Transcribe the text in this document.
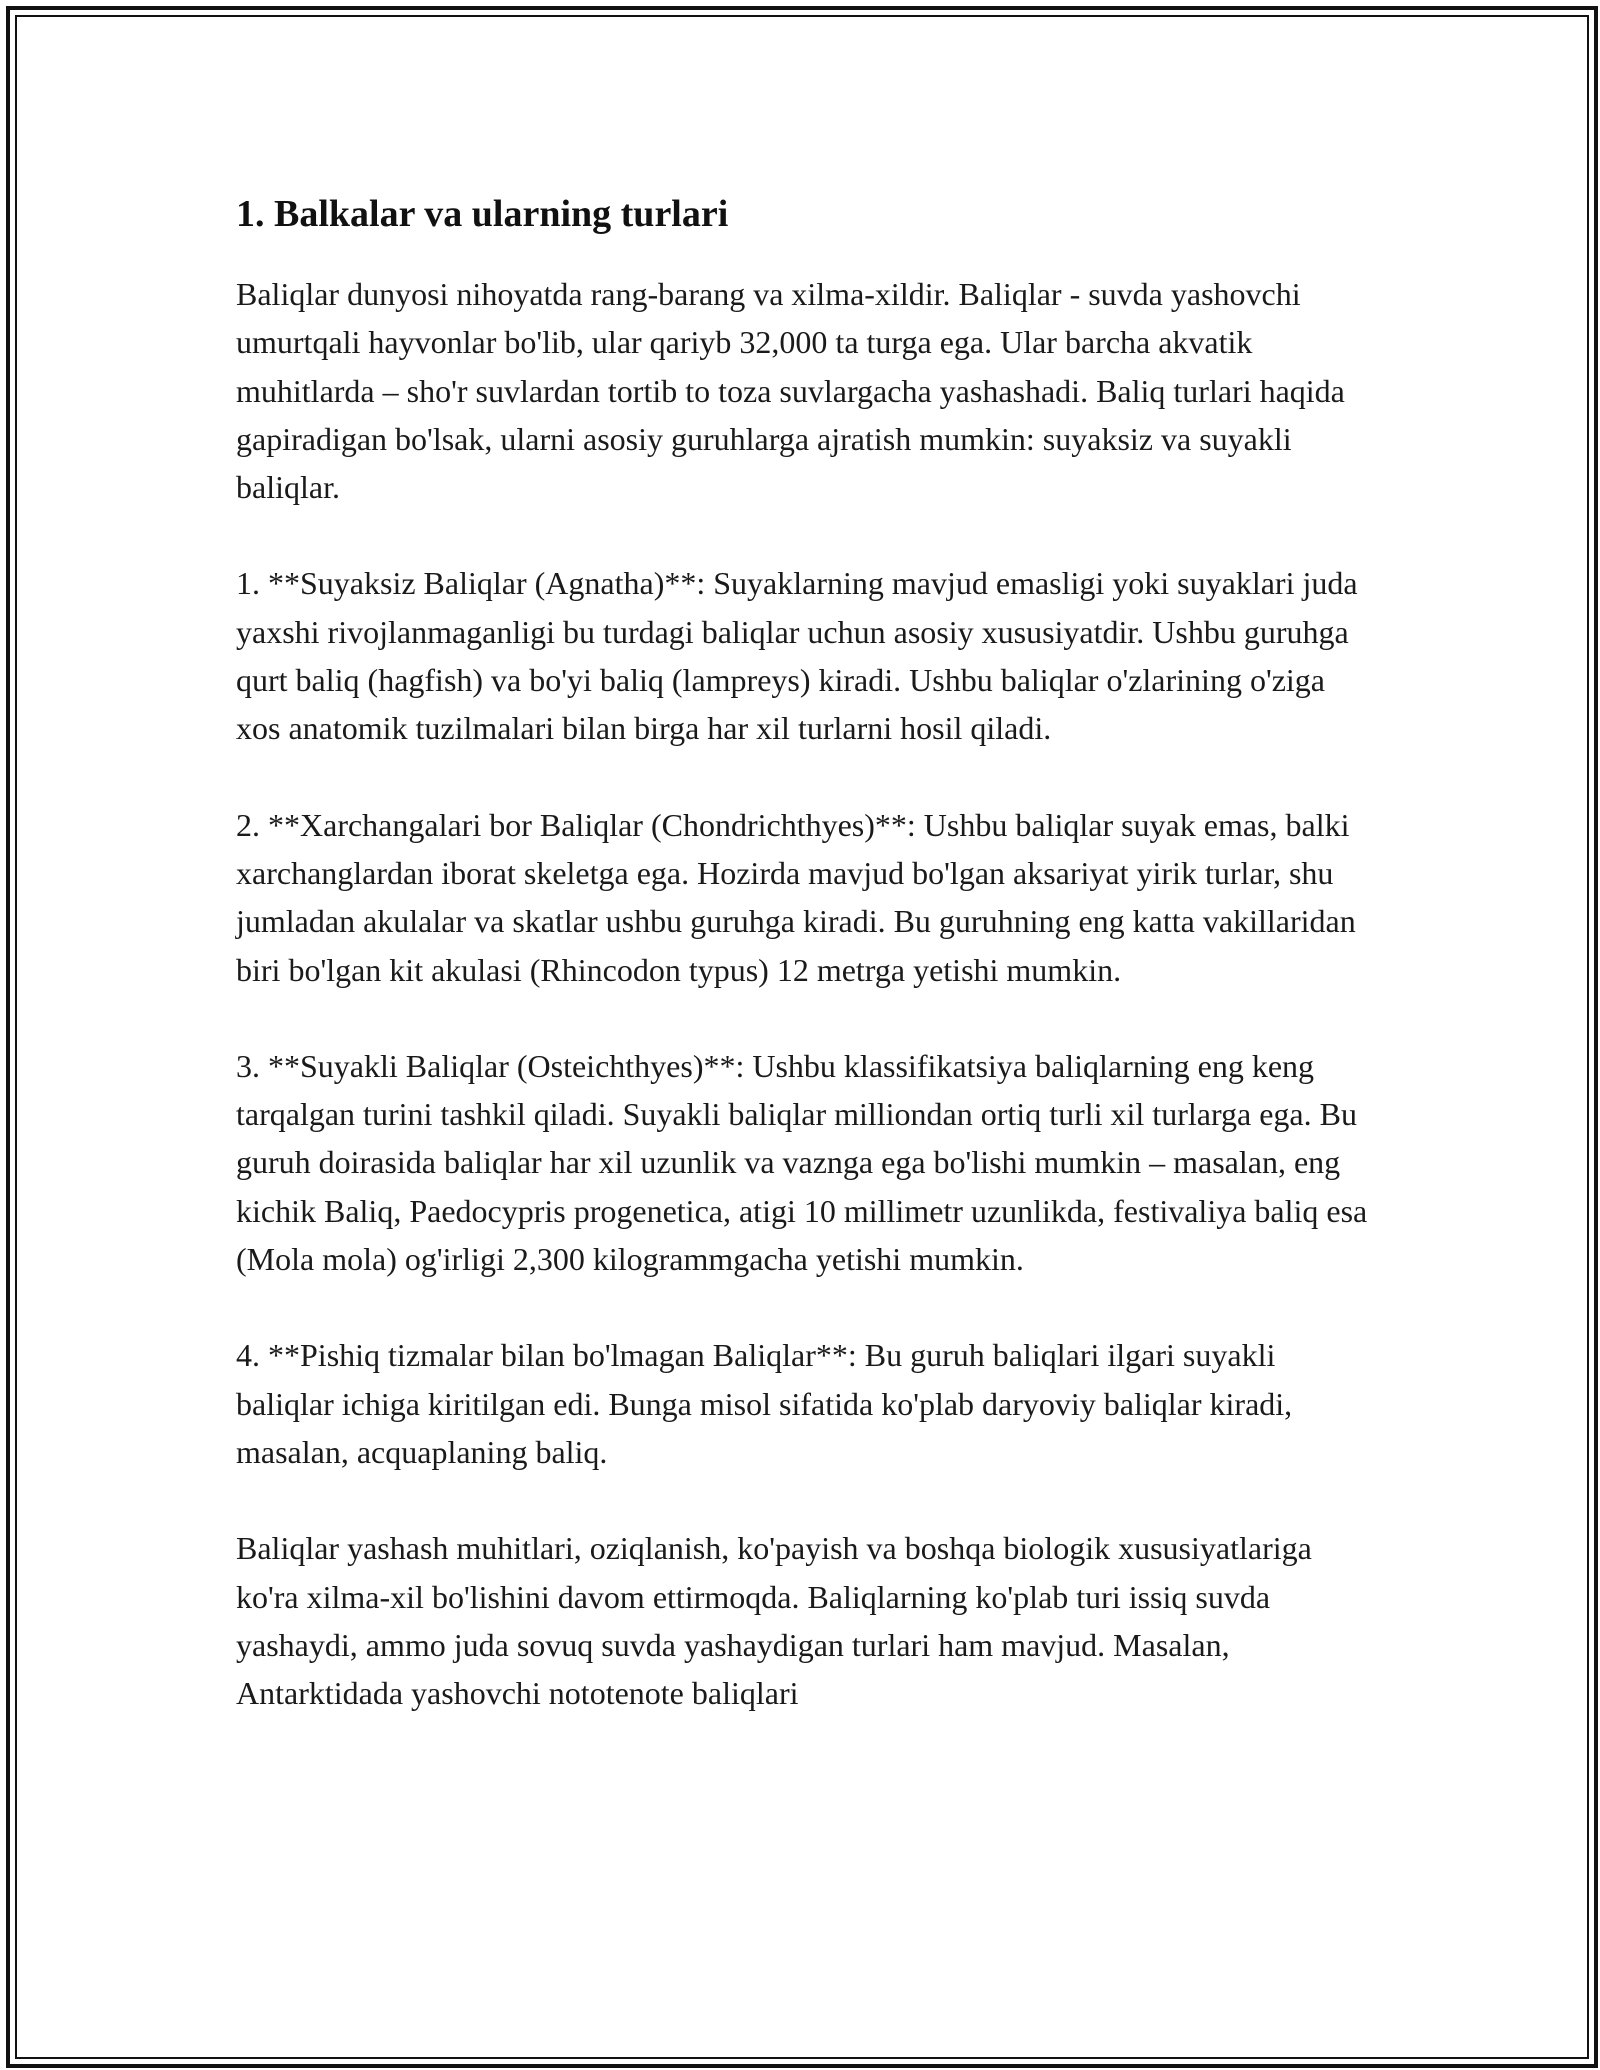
1. Balkalar va ularning turlari

Baliqlar dunyosi nihoyatda rang-barang va xilma-xildir. Baliqlar - suvda yashovchi umurtqali hayvonlar bo'lib, ular qariyb 32,000 ta turga ega. Ular barcha akvatik muhitlarda – sho'r suvlardan tortib to toza suvlargacha yashashadi. Baliq turlari haqida gapiradigan bo'lsak, ularni asosiy guruhlarga ajratish mumkin: suyaksiz va suyakli baliqlar.

1. **Suyaksiz Baliqlar (Agnatha)**: Suyaklarning mavjud emasligi yoki suyaklari juda yaxshi rivojlanmaganligi bu turdagi baliqlar uchun asosiy xususiyatdir. Ushbu guruhga qurt baliq (hagfish) va bo'yi baliq (lampreys) kiradi. Ushbu baliqlar o'zlarining o'ziga xos anatomik tuzilmalari bilan birga har xil turlarni hosil qiladi.

2. **Xarchangalari bor Baliqlar (Chondrichthyes)**: Ushbu baliqlar suyak emas, balki xarchanglardan iborat skeletga ega. Hozirda mavjud bo'lgan aksariyat yirik turlar, shu jumladan akulalar va skatlar ushbu guruhga kiradi. Bu guruhning eng katta vakillaridan biri bo'lgan kit akulasi (Rhincodon typus) 12 metrga yetishi mumkin.

3. **Suyakli Baliqlar (Osteichthyes)**: Ushbu klassifikatsiya baliqlarning eng keng tarqalgan turini tashkil qiladi. Suyakli baliqlar milliondan ortiq turli xil turlarga ega. Bu guruh doirasida baliqlar har xil uzunlik va vaznga ega bo'lishi mumkin – masalan, eng kichik Baliq, Paedocypris progenetica, atigi 10 millimetr uzunlikda, festivaliya baliq esa (Mola mola) og'irligi 2,300 kilogrammgacha yetishi mumkin.

4. **Pishiq tizmalar bilan bo'lmagan Baliqlar**: Bu guruh baliqlari ilgari suyakli baliqlar ichiga kiritilgan edi. Bunga misol sifatida ko'plab daryoviy baliqlar kiradi, masalan, acquaplaning baliq.

Baliqlar yashash muhitlari, oziqlanish, ko'payish va boshqa biologik xususiyatlariga ko'ra xilma-xil bo'lishini davom ettirmoqda. Baliqlarning ko'plab turi issiq suvda yashaydi, ammo juda sovuq suvda yashaydigan turlari ham mavjud. Masalan, Antarktidada yashovchi nototenote baliqlari
